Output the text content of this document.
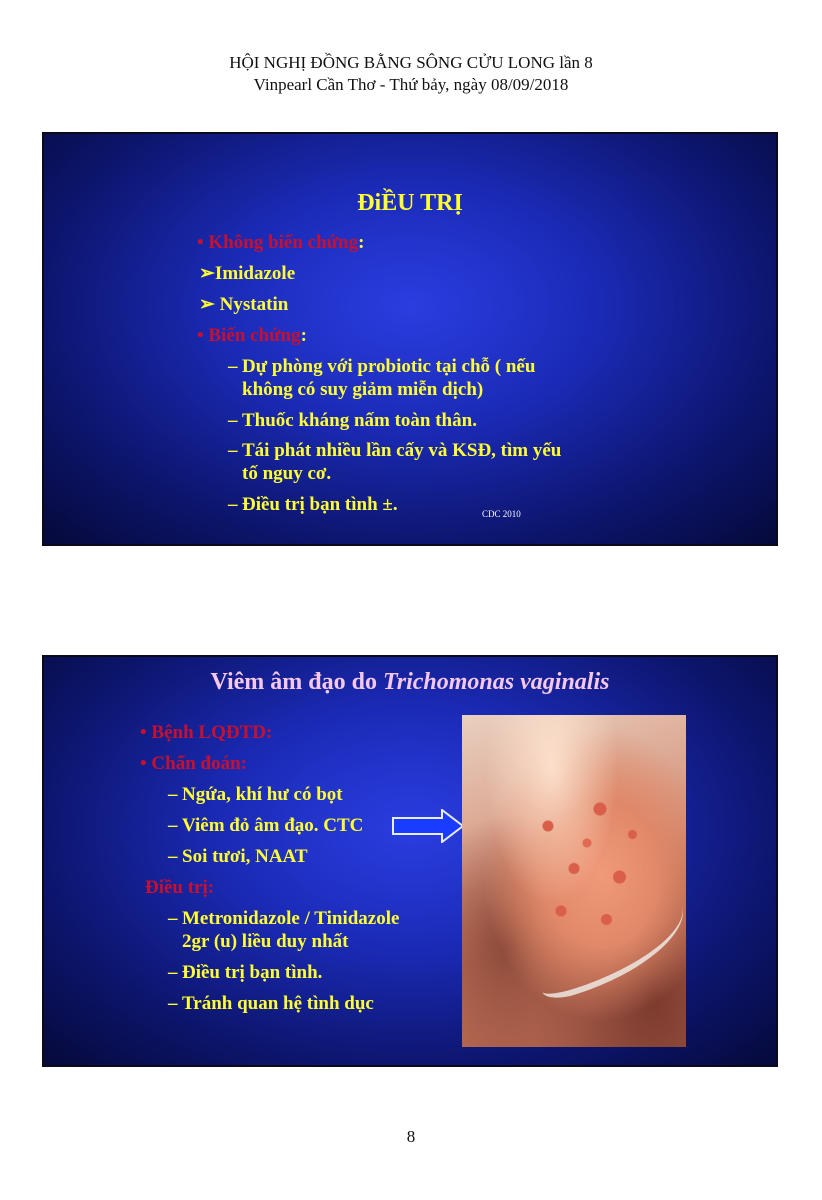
HỘI NGHỊ ĐỒNG BẰNG SÔNG CỬU LONG lần 8
Vinpearl Cần Thơ - Thứ bảy, ngày 08/09/2018
ĐiỀU TRỊ
• Không biến chứng:
➢Imidazole
➢ Nystatin
• Biến chứng:
– Dự phòng với probiotic tại chỗ ( nếu
không có suy giảm miễn dịch)
– Thuốc kháng nấm toàn thân.
– Tái phát nhiều lần cấy và KSĐ, tìm yếu
tố nguy cơ.
– Điều trị bạn tình ±.	CDC 2010
Viêm âm đạo do Trichomonas vaginalis
• Bệnh LQĐTD:
• Chẩn đoán:
– Ngứa, khí hư có bọt
– Viêm đỏ âm đạo. CTC
– Soi tươi, NAAT
Điều trị:
– Metronidazole / Tinidazole
2gr (u) liều duy nhất
– Điều trị bạn tình.
– Tránh quan hệ tình dục
8
